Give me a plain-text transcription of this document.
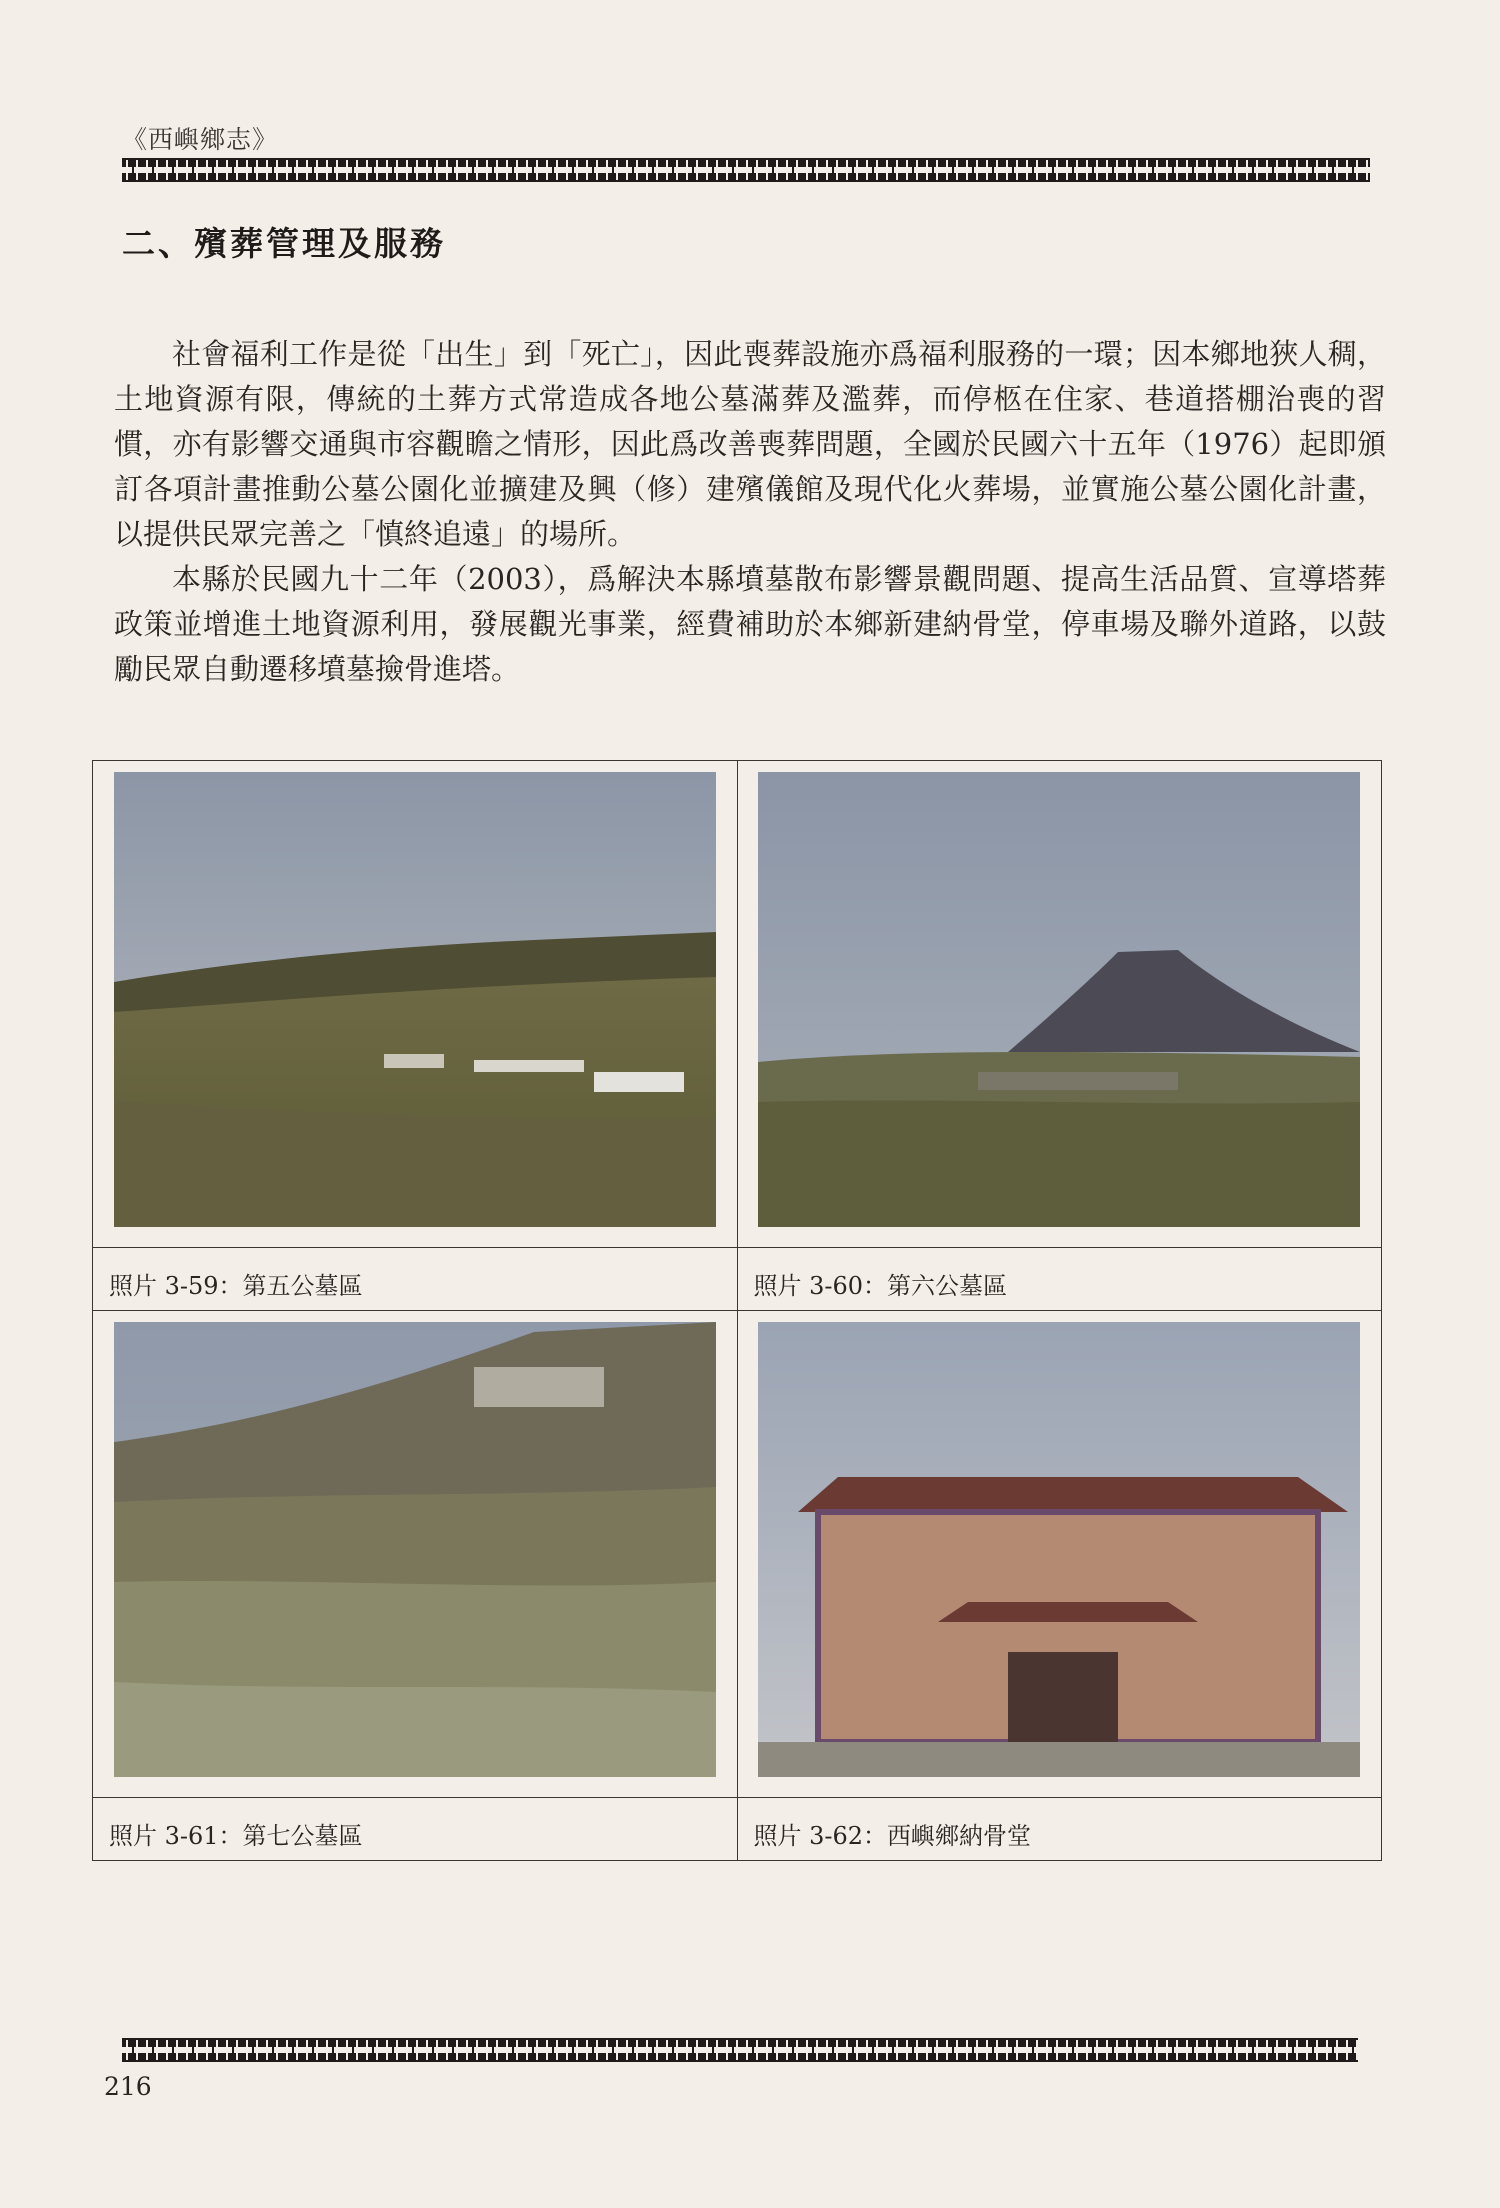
《西嶼鄉志》
二、殯葬管理及服務

社會福利工作是從「出生」到「死亡」，因此喪葬設施亦爲福利服務的一環；因本鄉地狹人稠，土地資源有限，傳統的土葬方式常造成各地公墓滿葬及濫葬，而停柩在住家、巷道搭棚治喪的習慣，亦有影響交通與市容觀瞻之情形，因此爲改善喪葬問題，全國於民國六十五年（1976）起即頒訂各項計畫推動公墓公園化並擴建及興（修）建殯儀館及現代化火葬場，並實施公墓公園化計畫，以提供民眾完善之「慎終追遠」的場所。

本縣於民國九十二年（2003），爲解決本縣墳墓散布影響景觀問題、提高生活品質、宣導塔葬政策並增進土地資源利用，發展觀光事業，經費補助於本鄉新建納骨堂，停車場及聯外道路，以鼓勵民眾自動遷移墳墓撿骨進塔。

照片 3-59：第五公墓區	照片 3-60：第六公墓區

照片 3-61：第七公墓區	照片 3-62：西嶼鄉納骨堂
216
